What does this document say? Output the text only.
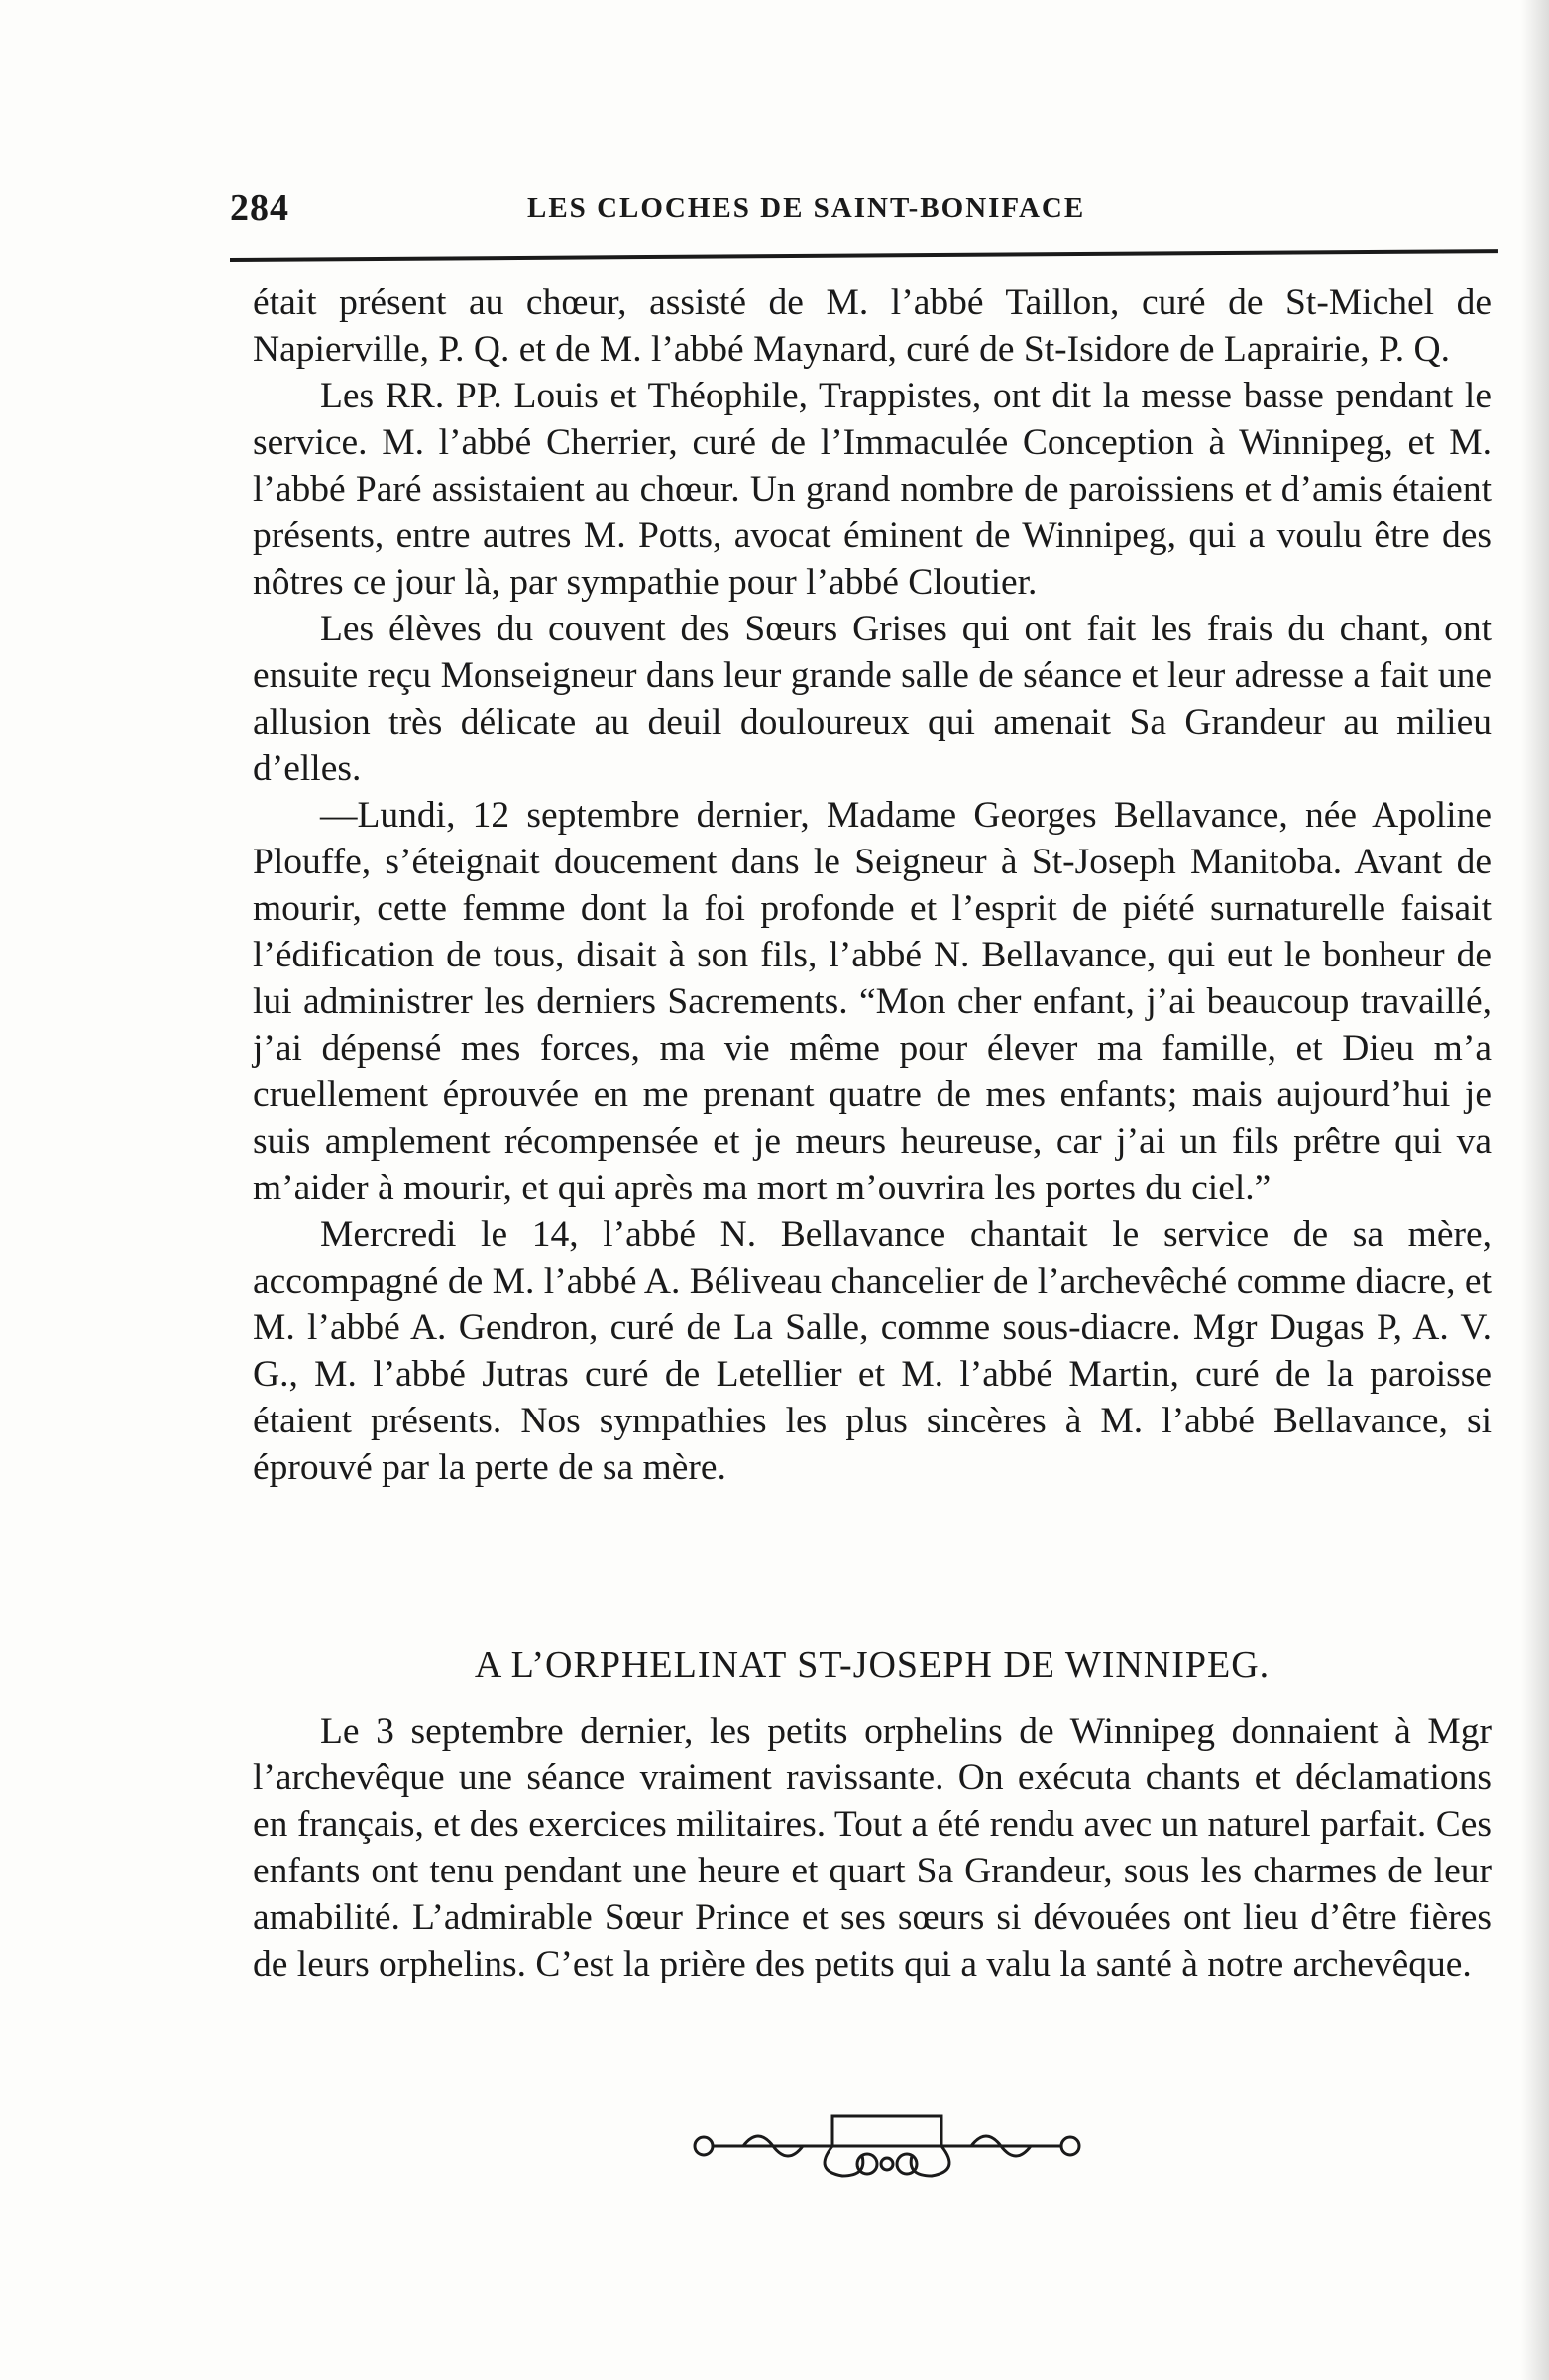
284	LES CLOCHES DE SAINT-BONIFACE

était présent au chœur, assisté de M. l’abbé Taillon, curé de St-Michel de Napierville, P. Q. et de M. l’abbé Maynard, curé de St-Isidore de Laprairie, P. Q.

Les RR. PP. Louis et Théophile, Trappistes, ont dit la messe basse pendant le service. M. l’abbé Cherrier, curé de l’Immaculée Conception à Winnipeg, et M. l’abbé Paré assistaient au chœur. Un grand nombre de paroissiens et d’amis étaient présents, entre autres M. Potts, avocat éminent de Winnipeg, qui a voulu être des nôtres ce jour là, par sympathie pour l’abbé Cloutier.

Les élèves du couvent des Sœurs Grises qui ont fait les frais du chant, ont ensuite reçu Monseigneur dans leur grande salle de séance et leur adresse a fait une allusion très délicate au deuil douloureux qui amenait Sa Grandeur au milieu d’elles.

—Lundi, 12 septembre dernier, Madame Georges Bellavance, née Apoline Plouffe, s’éteignait doucement dans le Seigneur à St-Joseph Manitoba. Avant de mourir, cette femme dont la foi profonde et l’esprit de piété surnaturelle faisait l’édification de tous, disait à son fils, l’abbé N. Bellavance, qui eut le bonheur de lui administrer les derniers Sacrements. “Mon cher enfant, j’ai beaucoup travaillé, j’ai dépensé mes forces, ma vie même pour élever ma famille, et Dieu m’a cruellement éprouvée en me prenant quatre de mes enfants; mais aujourd’hui je suis amplement récompensée et je meurs heureuse, car j’ai un fils prêtre qui va m’aider à mourir, et qui après ma mort m’ouvrira les portes du ciel.”

Mercredi le 14, l’abbé N. Bellavance chantait le service de sa mère, accompagné de M. l’abbé A. Béliveau chancelier de l’archevêché comme diacre, et M. l’abbé A. Gendron, curé de La Salle, comme sous-diacre. Mgr Dugas P, A. V. G., M. l’abbé Jutras curé de Letellier et M. l’abbé Martin, curé de la paroisse étaient présents. Nos sympathies les plus sincères à M. l’abbé Bellavance, si éprouvé par la perte de sa mère.

A L’ORPHELINAT ST-JOSEPH DE WINNIPEG.

Le 3 septembre dernier, les petits orphelins de Winnipeg donnaient à Mgr l’archevêque une séance vraiment ravissante. On exécuta chants et déclamations en français, et des exercices militaires. Tout a été rendu avec un naturel parfait. Ces enfants ont tenu pendant une heure et quart Sa Grandeur, sous les charmes de leur amabilité. L’admirable Sœur Prince et ses sœurs si dévouées ont lieu d’être fières de leurs orphelins. C’est la prière des petits qui a valu la santé à notre archevêque.
